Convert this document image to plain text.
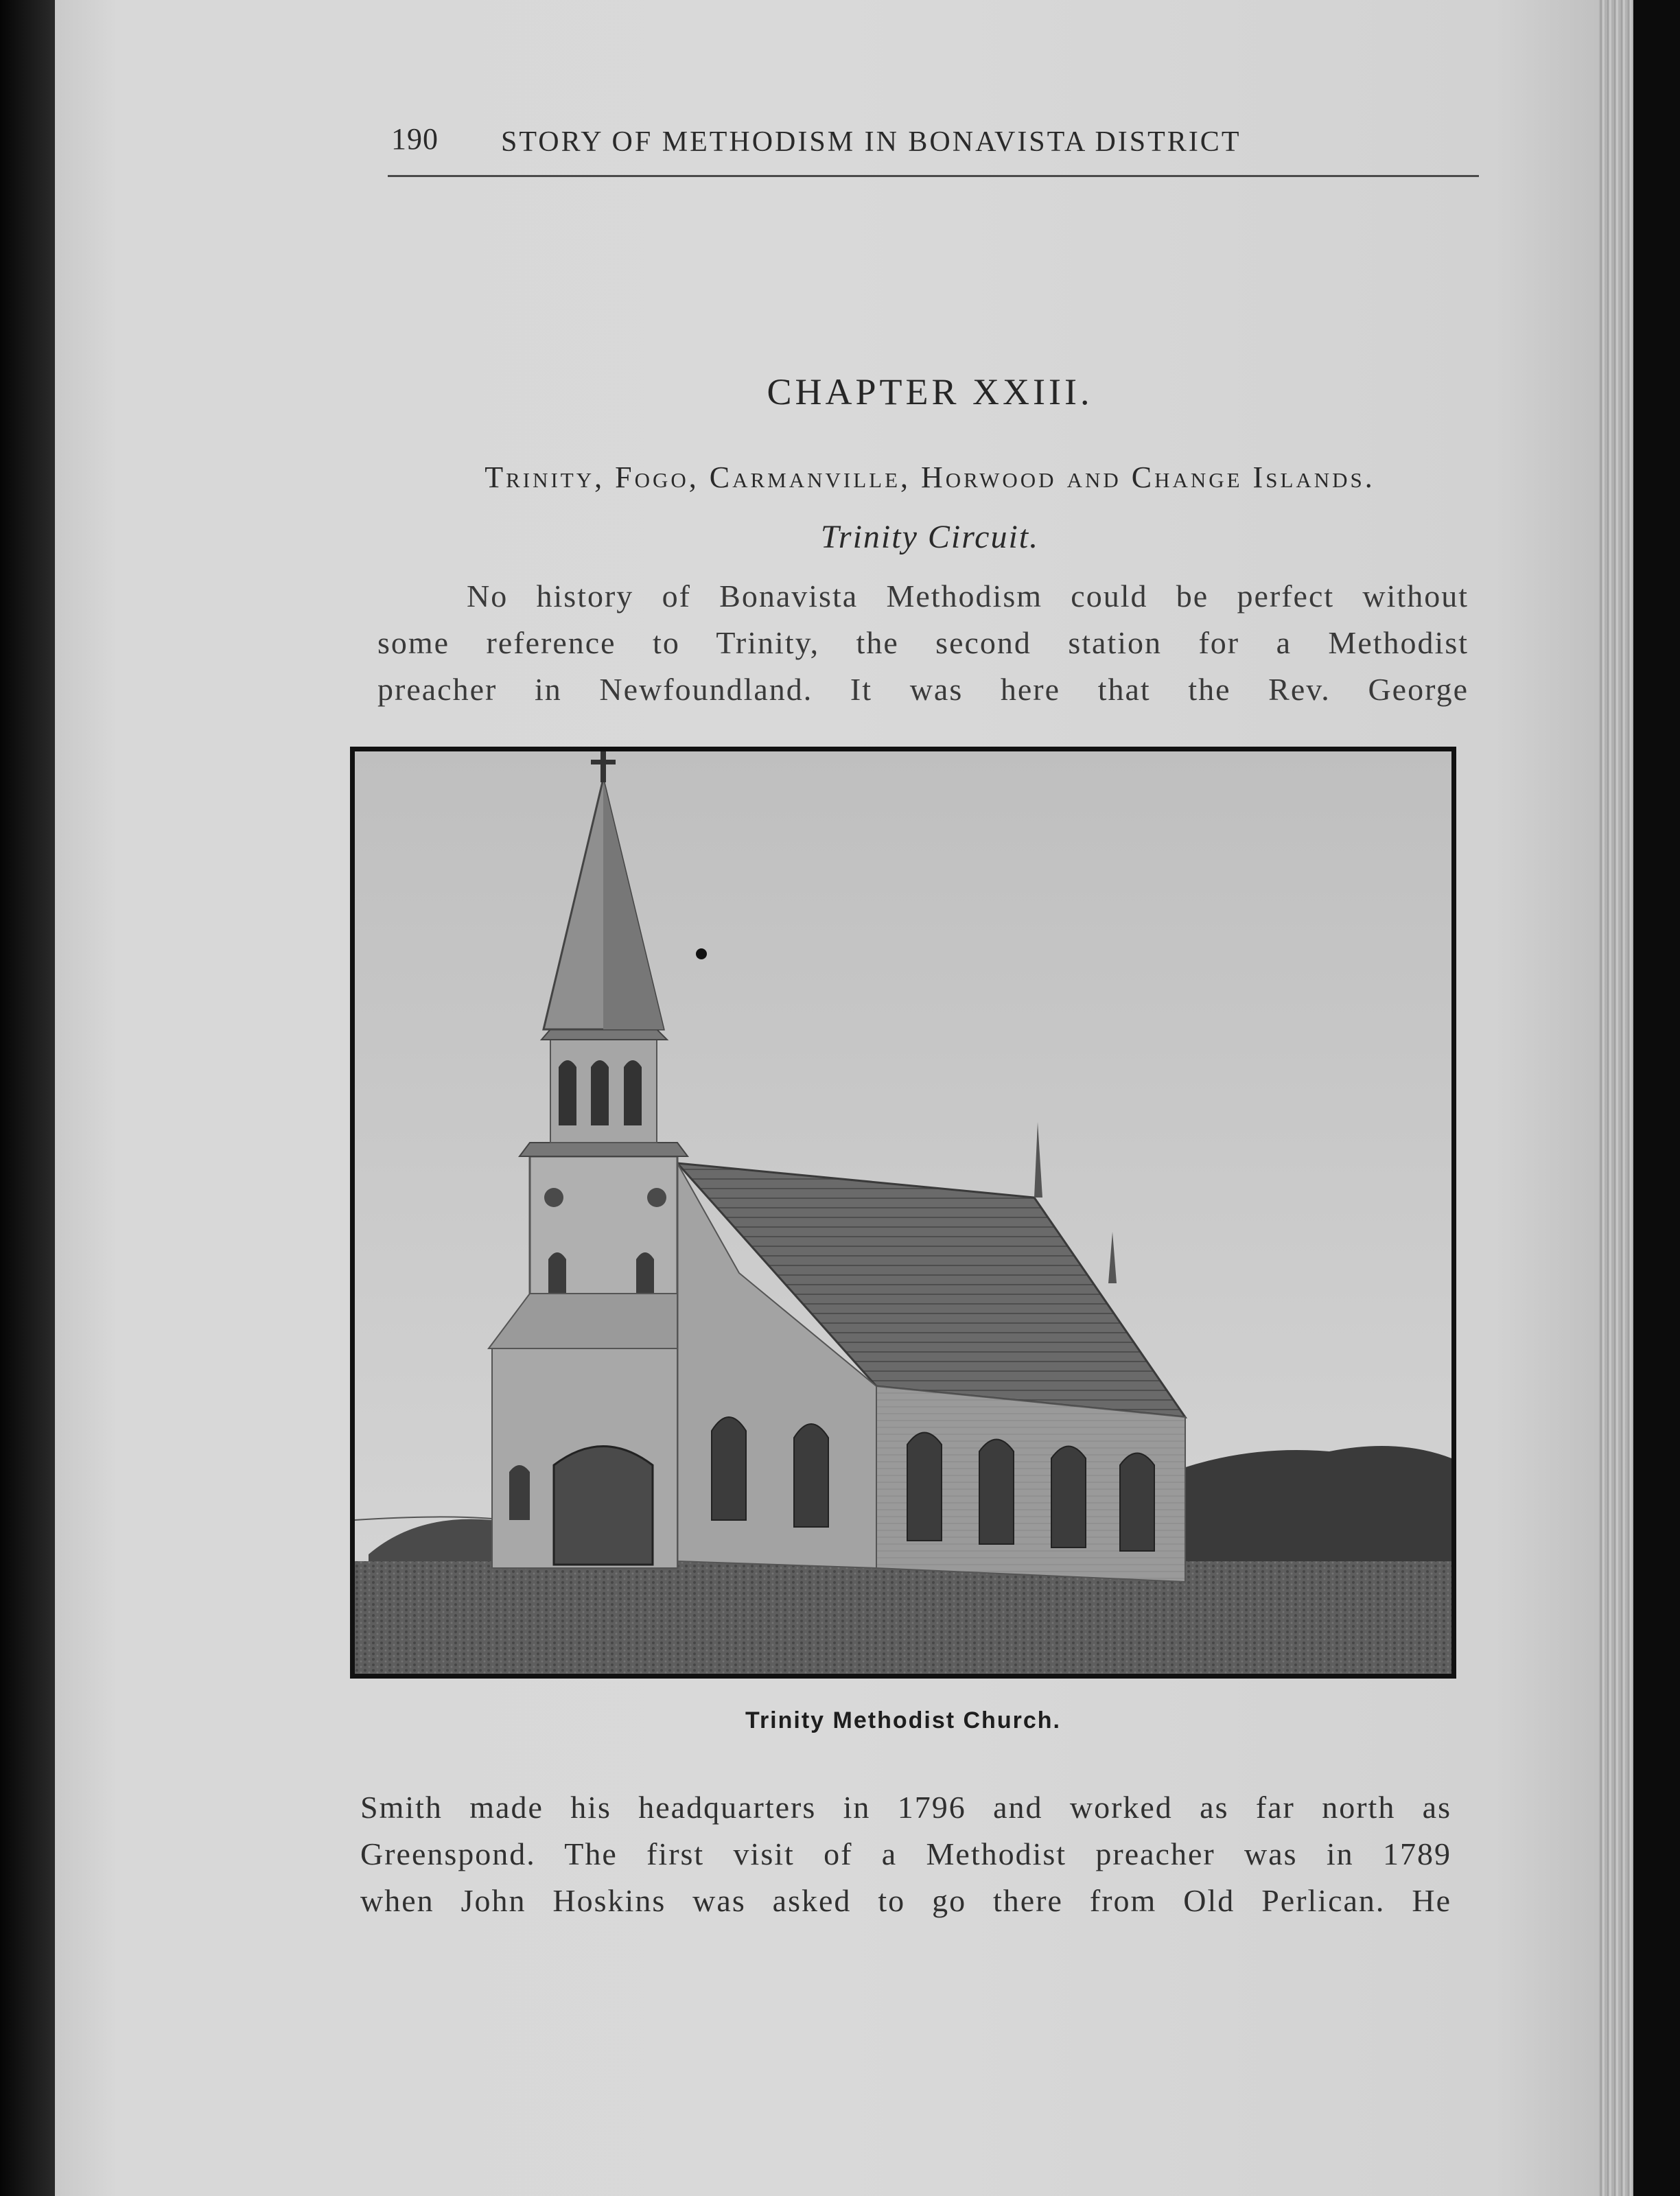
190 STORY OF METHODISM IN BONAVISTA DISTRICT
CHAPTER XXIII.
Trinity, Fogo, Carmanville, Horwood and Change Islands.
Trinity Circuit.
No history of Bonavista Methodism could be perfect without
some reference to Trinity, the second station for a Methodist
preacher in Newfoundland. It was here that the Rev. George
Trinity Methodist Church.
Smith made his headquarters in 1796 and worked as far north as
Greenspond. The first visit of a Methodist preacher was in 1789
when John Hoskins was asked to go there from Old Perlican. He
